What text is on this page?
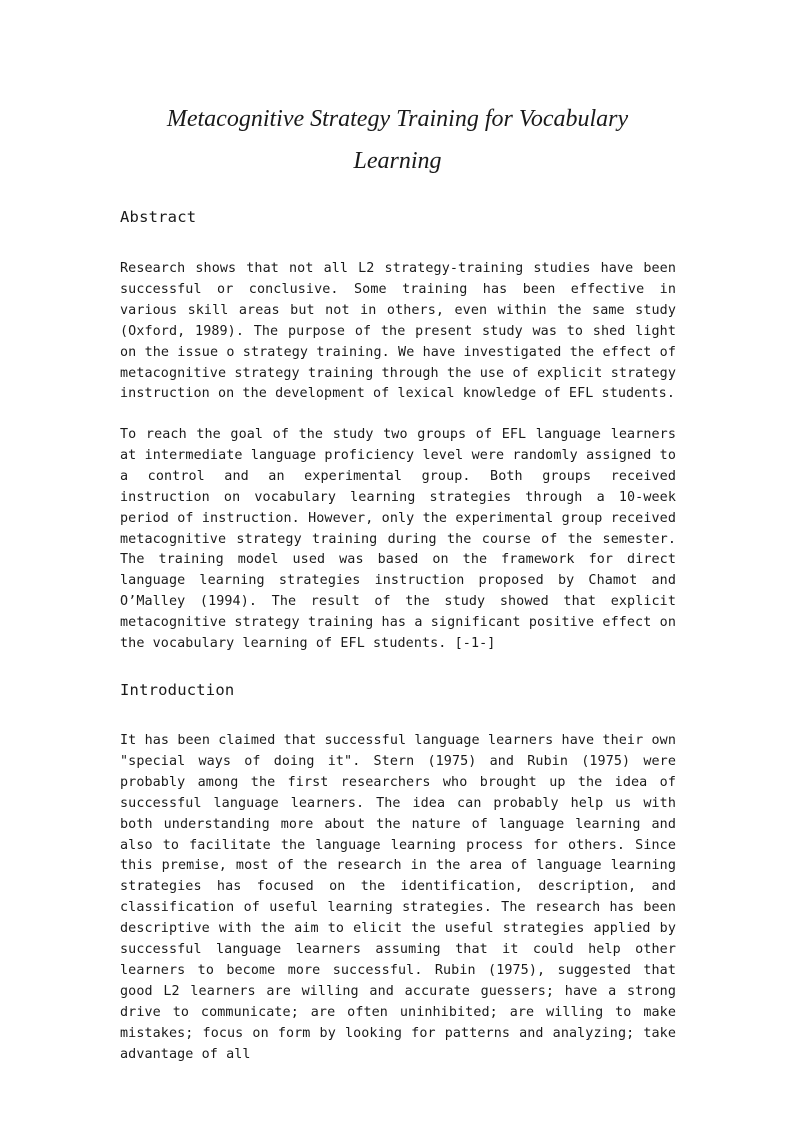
Metacognitive Strategy Training for Vocabulary Learning
Abstract

Research shows that not all L2 strategy-training studies have been successful or conclusive. Some training has been effective in various skill areas but not in others, even within the same study (Oxford, 1989). The purpose of the present study was to shed light on the issue o strategy training. We have investigated the effect of metacognitive strategy training through the use of explicit strategy instruction on the development of lexical knowledge of EFL students.

To reach the goal of the study two groups of EFL language learners at intermediate language proficiency level were randomly assigned to a control and an experimental group. Both groups received instruction on vocabulary learning strategies through a 10-week period of instruction. However, only the experimental group received metacognitive strategy training during the course of the semester. The training model used was based on the framework for direct language learning strategies instruction proposed by Chamot and O’Malley (1994). The result of the study showed that explicit metacognitive strategy training has a significant positive effect on the vocabulary learning of EFL students. [-1-]

Introduction

It has been claimed that successful language learners have their own "special ways of doing it". Stern (1975) and Rubin (1975) were probably among the first researchers who brought up the idea of successful language learners. The idea can probably help us with both understanding more about the nature of language learning and also to facilitate the language learning process for others. Since this premise, most of the research in the area of language learning strategies has focused on the identification, description, and classification of useful learning strategies. The research has been descriptive with the aim to elicit the useful strategies applied by successful language learners assuming that it could help other learners to become more successful. Rubin (1975), suggested that good L2 learners are willing and accurate guessers; have a strong drive to communicate; are often uninhibited; are willing to make mistakes; focus on form by looking for patterns and analyzing; take advantage of all
